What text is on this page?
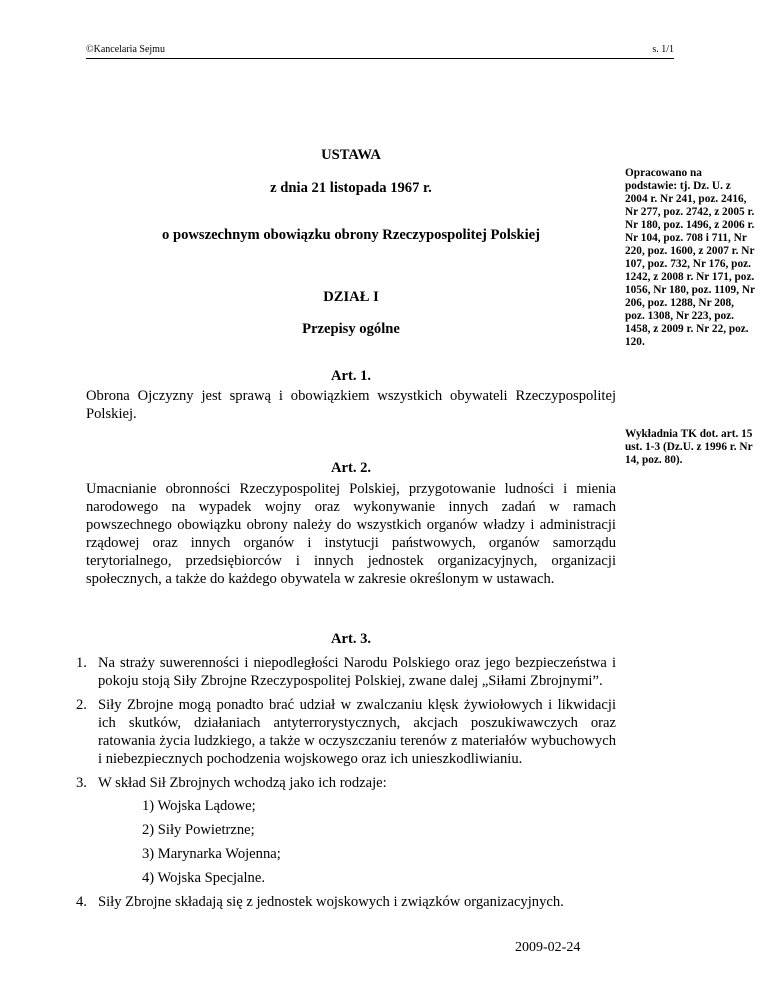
©Kancelaria Sejmu	s. 1/1
USTAWA
z dnia 21 listopada 1967 r.
o powszechnym obowiązku obrony Rzeczypospolitej Polskiej
DZIAŁ I
Przepisy ogólne
Art. 1.
Obrona Ojczyzny jest sprawą i obowiązkiem wszystkich obywateli Rzeczypospolitej Polskiej.
Art. 2.
Umacnianie obronności Rzeczypospolitej Polskiej, przygotowanie ludności i mienia narodowego na wypadek wojny oraz wykonywanie innych zadań w ramach powszechnego obowiązku obrony należy do wszystkich organów władzy i administracji rządowej oraz innych organów i instytucji państwowych, organów samorządu terytorialnego, przedsiębiorców i innych jednostek organizacyjnych, organizacji społecznych, a także do każdego obywatela w zakresie określonym w ustawach.
Art. 3.
1. Na straży suwerenności i niepodległości Narodu Polskiego oraz jego bezpieczeństwa i pokoju stoją Siły Zbrojne Rzeczypospolitej Polskiej, zwane dalej „Siłami Zbrojnymi”.
2. Siły Zbrojne mogą ponadto brać udział w zwalczaniu klęsk żywiołowych i likwidacji ich skutków, działaniach antyterrorystycznych, akcjach poszukiwawczych oraz ratowania życia ludzkiego, a także w oczyszczaniu terenów z materiałów wybuchowych i niebezpiecznych pochodzenia wojskowego oraz ich unieszkodliwianiu.
3. W skład Sił Zbrojnych wchodzą jako ich rodzaje:
1) Wojska Lądowe;
2) Siły Powietrzne;
3) Marynarka Wojenna;
4) Wojska Specjalne.
4. Siły Zbrojne składają się z jednostek wojskowych i związków organizacyjnych.
Opracowano na podstawie: tj. Dz. U. z 2004 r. Nr 241, poz. 2416, Nr 277, poz. 2742, z 2005 r. Nr 180, poz. 1496, z 2006 r. Nr 104, poz. 708 i 711, Nr 220, poz. 1600, z 2007 r. Nr 107, poz. 732, Nr 176, poz. 1242, z 2008 r. Nr 171, poz. 1056, Nr 180, poz. 1109, Nr 206, poz. 1288, Nr 208, poz. 1308, Nr 223, poz. 1458, z 2009 r. Nr 22, poz. 120.
Wykładnia TK dot. art. 15 ust. 1-3 (Dz.U. z 1996 r. Nr 14, poz. 80).
2009-02-24
